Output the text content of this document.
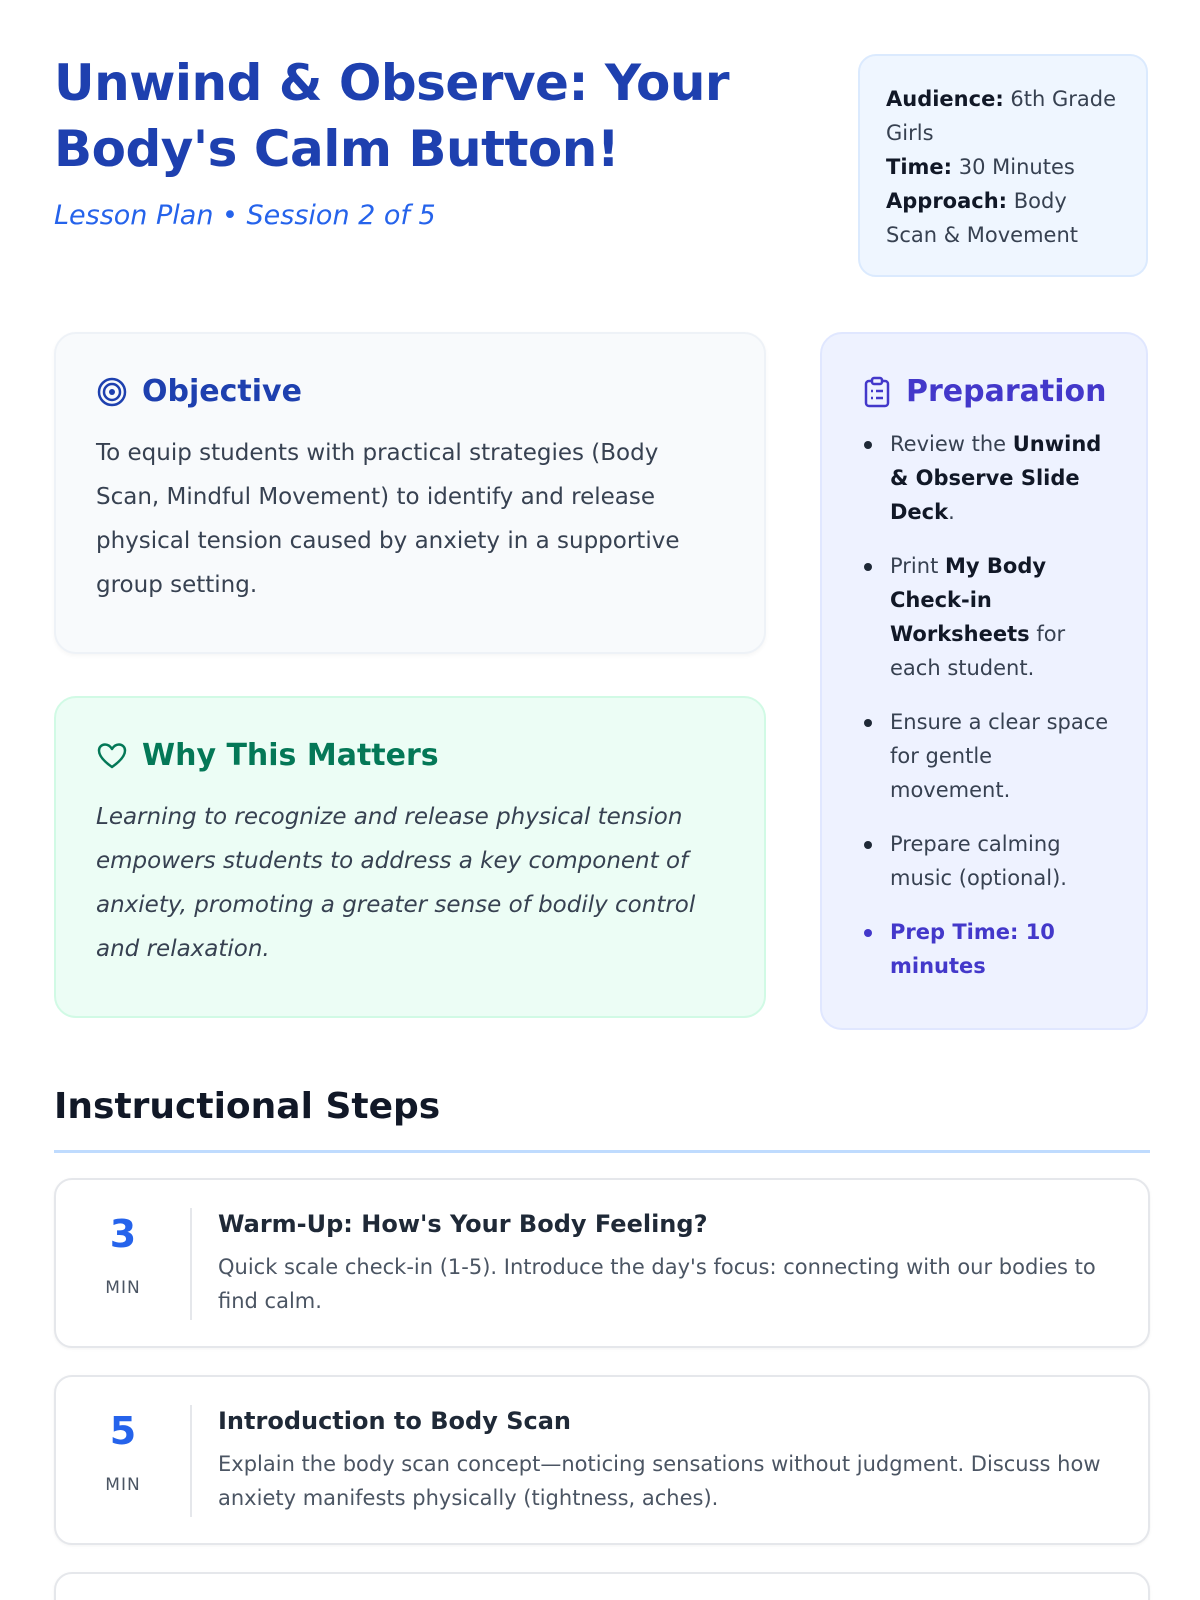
Unwind & Observe: Your Body's Calm Button!
Lesson Plan • Session 2 of 5
Audience: 6th Grade Girls
Time: 30 Minutes
Approach: Body Scan & Movement
Objective

To equip students with practical strategies (Body Scan, Mindful Movement) to identify and release physical tension caused by anxiety in a supportive group setting.

Why This Matters

Learning to recognize and release physical tension empowers students to address a key component of anxiety, promoting a greater sense of bodily control and relaxation.

Preparation
Review the Unwind & Observe Slide Deck.
Print My Body Check-in Worksheets for each student.
Ensure a clear space for gentle movement.
Prepare calming music (optional).
Prep Time: 10 minutes
Instructional Steps
3
MIN
Warm-Up: How's Your Body Feeling?
Quick scale check-in (1-5). Introduce the day's focus: connecting with our bodies to find calm.
5
MIN
Introduction to Body Scan
Explain the body scan concept—noticing sensations without judgment. Discuss how anxiety manifests physically (tightness, aches).
